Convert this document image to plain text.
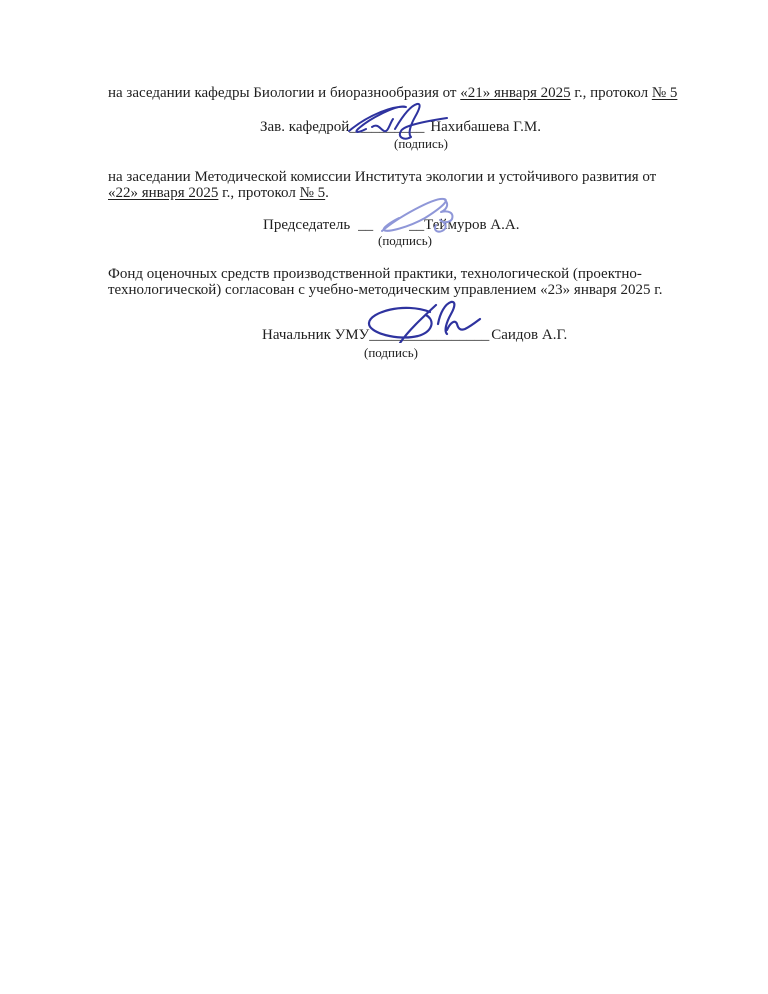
на заседании кафедры Биологии и биоразнообразия от «21» января 2025 г., протокол № 5
Зав. кафедрой__________ Нахибашева Г.М.
(подпись)
на заседании Методической комиссии Института экологии и устойчивого развития от
«22» января 2025 г., протокол № 5.
Председатель __ __Теймуров А.А.
(подпись)
Фонд оценочных средств производственной практики, технологической (проектно-
технологической) согласован с учебно-методическим управлением «23» января 2025 г.
Начальник УМУ________________ Саидов А.Г.
(подпись)
